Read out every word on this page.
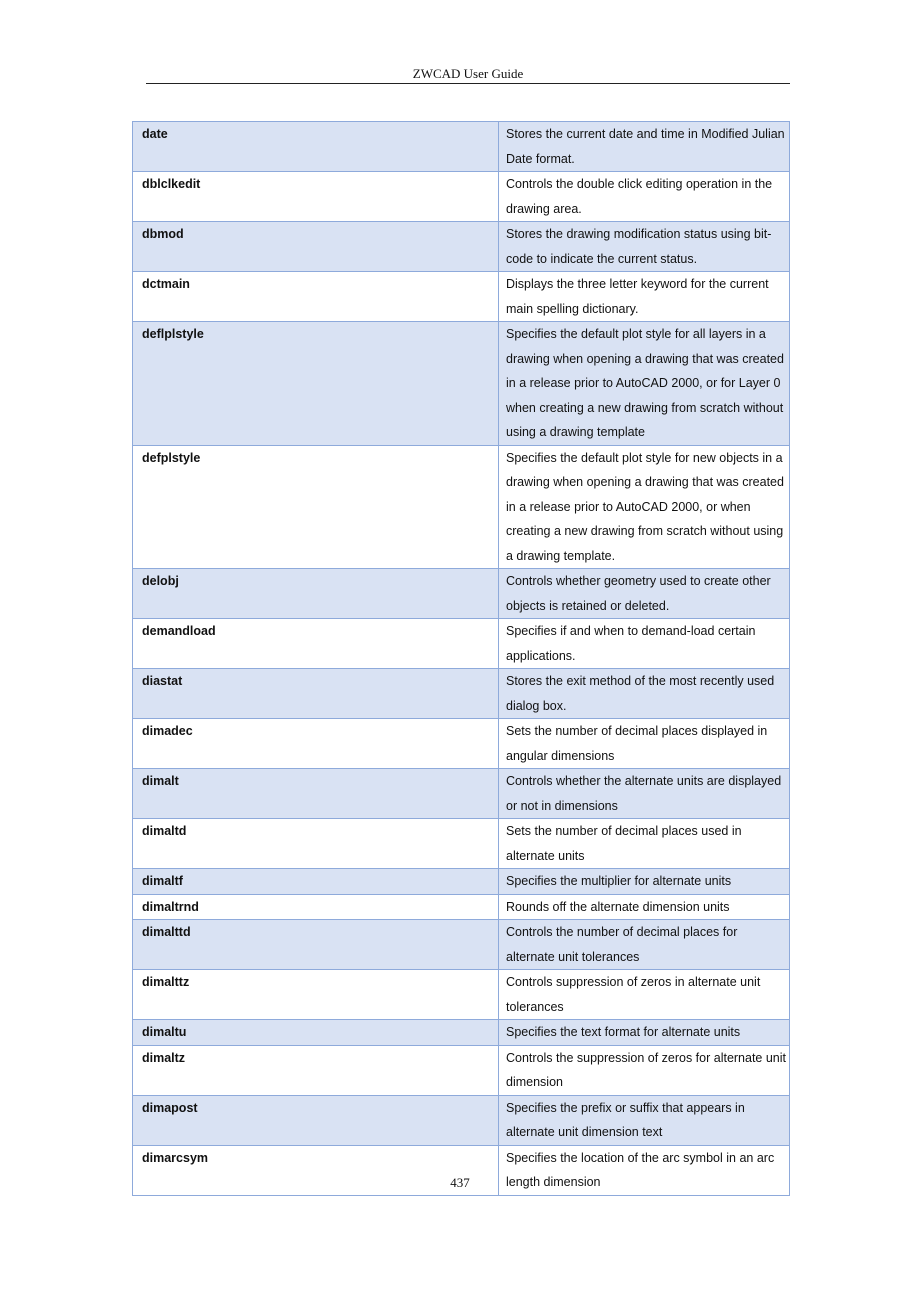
ZWCAD User Guide
date	Stores the current date and time in Modified Julian Date format.
dblclkedit	Controls the double click editing operation in the drawing area.
dbmod	Stores the drawing modification status using bit-code to indicate the current status.
dctmain	Displays the three letter keyword for the current main spelling dictionary.
deflplstyle	Specifies the default plot style for all layers in a drawing when opening a drawing that was created in a release prior to AutoCAD 2000, or for Layer 0 when creating a new drawing from scratch without using a drawing template
defplstyle	Specifies the default plot style for new objects in a drawing when opening a drawing that was created in a release prior to AutoCAD 2000, or when creating a new drawing from scratch without using a drawing template.
delobj	Controls whether geometry used to create other objects is retained or deleted.
demandload	Specifies if and when to demand-load certain applications.
diastat	Stores the exit method of the most recently used dialog box.
dimadec	Sets the number of decimal places displayed in angular dimensions
dimalt	Controls whether the alternate units are displayed or not in dimensions
dimaltd	Sets the number of decimal places used in alternate units
dimaltf	Specifies the multiplier for alternate units
dimaltrnd	Rounds off the alternate dimension units
dimalttd	Controls the number of decimal places for alternate unit tolerances
dimalttz	Controls suppression of zeros in alternate unit tolerances
dimaltu	Specifies the text format for alternate units
dimaltz	Controls the suppression of zeros for alternate unit dimension
dimapost	Specifies the prefix or suffix that appears in alternate unit dimension text
dimarcsym	Specifies the location of the arc symbol in an arc length dimension
437
